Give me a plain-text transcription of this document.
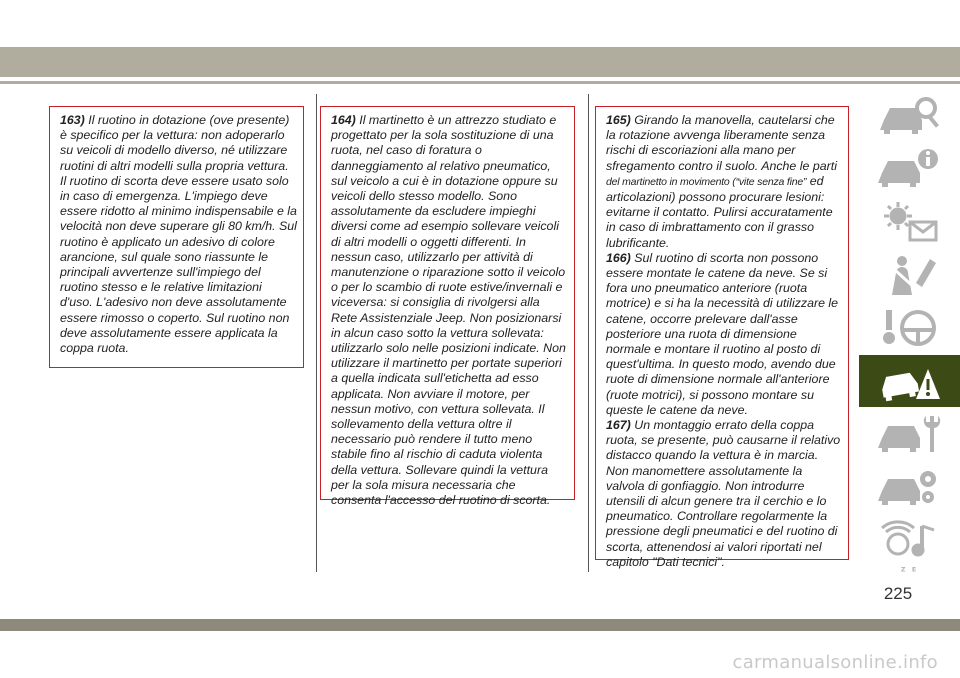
163) Il ruotino in dotazione (ove presente) è specifico per la vettura: non adoperarlo su veicoli di modello diverso, né utilizzare ruotini di altri modelli sulla propria vettura. Il ruotino di scorta deve essere usato solo in caso di emergenza. L'impiego deve essere ridotto al minimo indispensabile e la velocità non deve superare gli 80 km/h. Sul ruotino è applicato un adesivo di colore arancione, sul quale sono riassunte le principali avvertenze sull'impiego del ruotino stesso e le relative limitazioni d'uso. L'adesivo non deve assolutamente essere rimosso o coperto. Sul ruotino non deve assolutamente essere applicata la coppa ruota.

164) Il martinetto è un attrezzo studiato e progettato per la sola sostituzione di una ruota, nel caso di foratura o danneggiamento al relativo pneumatico, sul veicolo a cui è in dotazione oppure su veicoli dello stesso modello. Sono assolutamente da escludere impieghi diversi come ad esempio sollevare veicoli di altri modelli o oggetti differenti. In nessun caso, utilizzarlo per attività di manutenzione o riparazione sotto il veicolo o per lo scambio di ruote estive/invernali e viceversa: si consiglia di rivolgersi alla Rete Assistenziale Jeep. Non posizionarsi in alcun caso sotto la vettura sollevata: utilizzarlo solo nelle posizioni indicate. Non utilizzare il martinetto per portate superiori a quella indicata sull'etichetta ad esso applicata. Non avviare il motore, per nessun motivo, con vettura sollevata. Il sollevamento della vettura oltre il necessario può rendere il tutto meno stabile fino al rischio di caduta violenta della vettura. Sollevare quindi la vettura per la sola misura necessaria che consenta l'accesso del ruotino di scorta.

165) Girando la manovella, cautelarsi che la rotazione avvenga liberamente senza rischi di escoriazioni alla mano per sfregamento contro il suolo. Anche le parti del martinetto in movimento (“vite senza fine” ed articolazioni) possono procurare lesioni: evitarne il contatto. Pulirsi accuratamente in caso di imbrattamento con il grasso lubrificante.

166) Sul ruotino di scorta non possono essere montate le catene da neve. Se si fora uno pneumatico anteriore (ruota motrice) e si ha la necessità di utilizzare le catene, occorre prelevare dall'asse posteriore una ruota di dimensione normale e montare il ruotino al posto di quest'ultima. In questo modo, avendo due ruote di dimensione normale all'anteriore (ruote motrici), si possono montare su queste le catene da neve.

167) Un montaggio errato della coppa ruota, se presente, può causarne il relativo distacco quando la vettura è in marcia. Non manomettere assolutamente la valvola di gonfiaggio. Non introdurre utensili di alcun genere tra il cerchio e lo pneumatico. Controllare regolarmente la pressione degli pneumatici e del ruotino di scorta, attenendosi ai valori riportati nel capitolo "Dati tecnici".

Z E
225
carmanualsonline.info
